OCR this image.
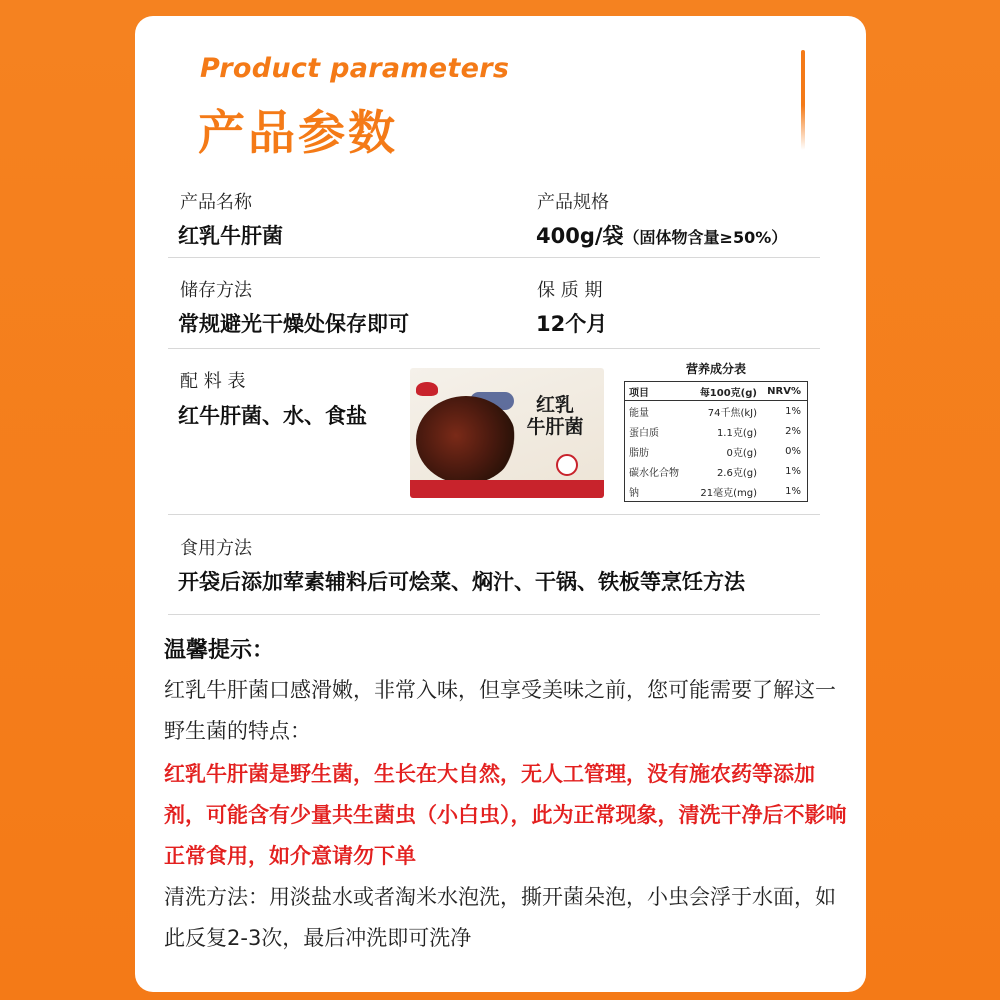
Product parameters
产品参数
产品名称
红乳牛肝菌
产品规格
400g/袋（固体物含量≥50%）
储存方法
常规避光干燥处保存即可
保 质 期
12个月
配 料 表
红牛肝菌、水、食盐	红乳
牛肝菌
营养成分表
项目	每100克(g)	NRV%
能量	74千焦(kJ)	1%
蛋白质	1.1克(g)	2%
脂肪	0克(g)	0%
碳水化合物	2.6克(g)	1%
钠	21毫克(mg)	1%
食用方法
开袋后添加荤素辅料后可烩菜、焖汁、干锅、铁板等烹饪方法
温馨提示：
红乳牛肝菌口感滑嫩，非常入味，但享受美味之前，您可能需要了解这一野生菌的特点：
红乳牛肝菌是野生菌，生长在大自然，无人工管理，没有施农药等添加剂，可能含有少量共生菌虫（小白虫），此为正常现象，清洗干净后不影响正常食用，如介意请勿下单
清洗方法：用淡盐水或者淘米水泡洗，撕开菌朵泡，小虫会浮于水面，如此反复2-3次，最后冲洗即可洗净
